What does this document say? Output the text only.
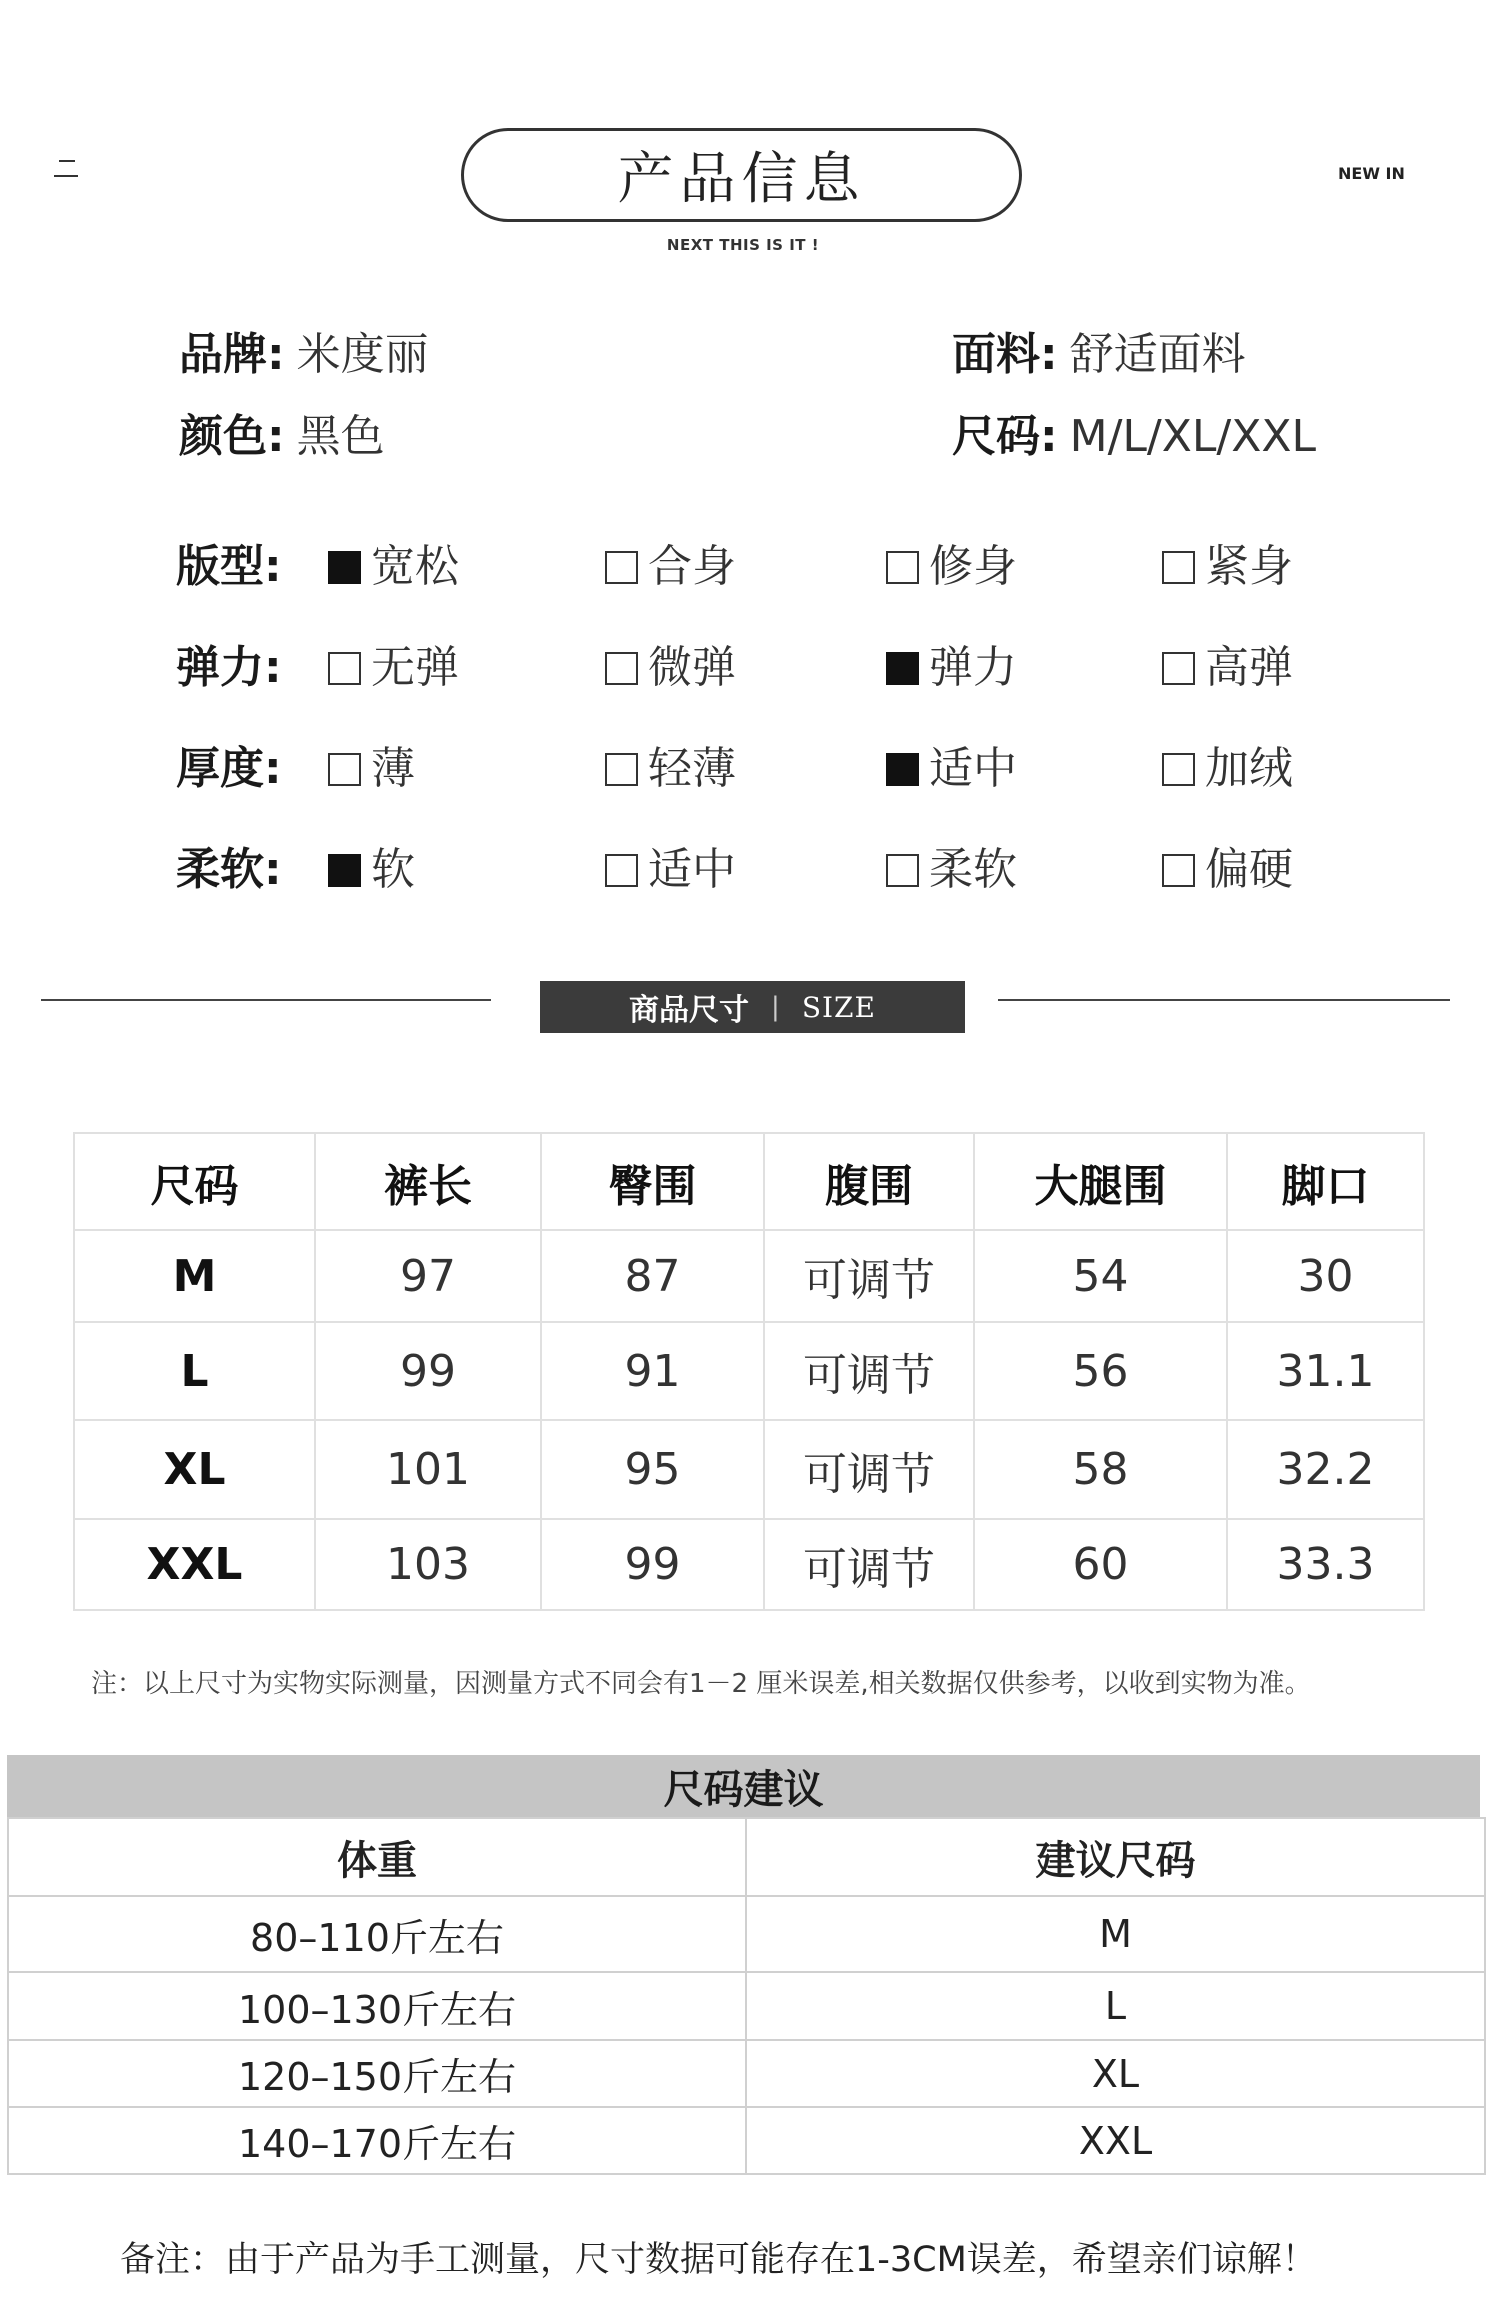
产品信息
NEXT THIS IS IT !
NEW IN
品牌: 米度丽	面料: 舒适面料
颜色: 黑色	尺码: M/L/XL/XXL
版型:	宽松	合身	修身	紧身
弹力:	无弹	微弹	弹力	高弹
厚度:	薄	轻薄	适中	加绒
柔软:	软	适中	柔软	偏硬
商品尺寸 | SIZE
尺码	裤长	臀围	腹围	大腿围	脚口
M	97	87	可调节	54	30
L	99	91	可调节	56	31.1
XL	101	95	可调节	58	32.2
XXL	103	99	可调节	60	33.3
注：以上尺寸为实物实际测量，因测量方式不同会有1－2 厘米误差,相关数据仅供参考，以收到实物为准。
尺码建议
体重	建议尺码
80–110斤左右	M
100–130斤左右	L
120–150斤左右	XL
140–170斤左右	XXL
备注：由于产品为手工测量，尺寸数据可能存在1-3CM误差，希望亲们谅解！
